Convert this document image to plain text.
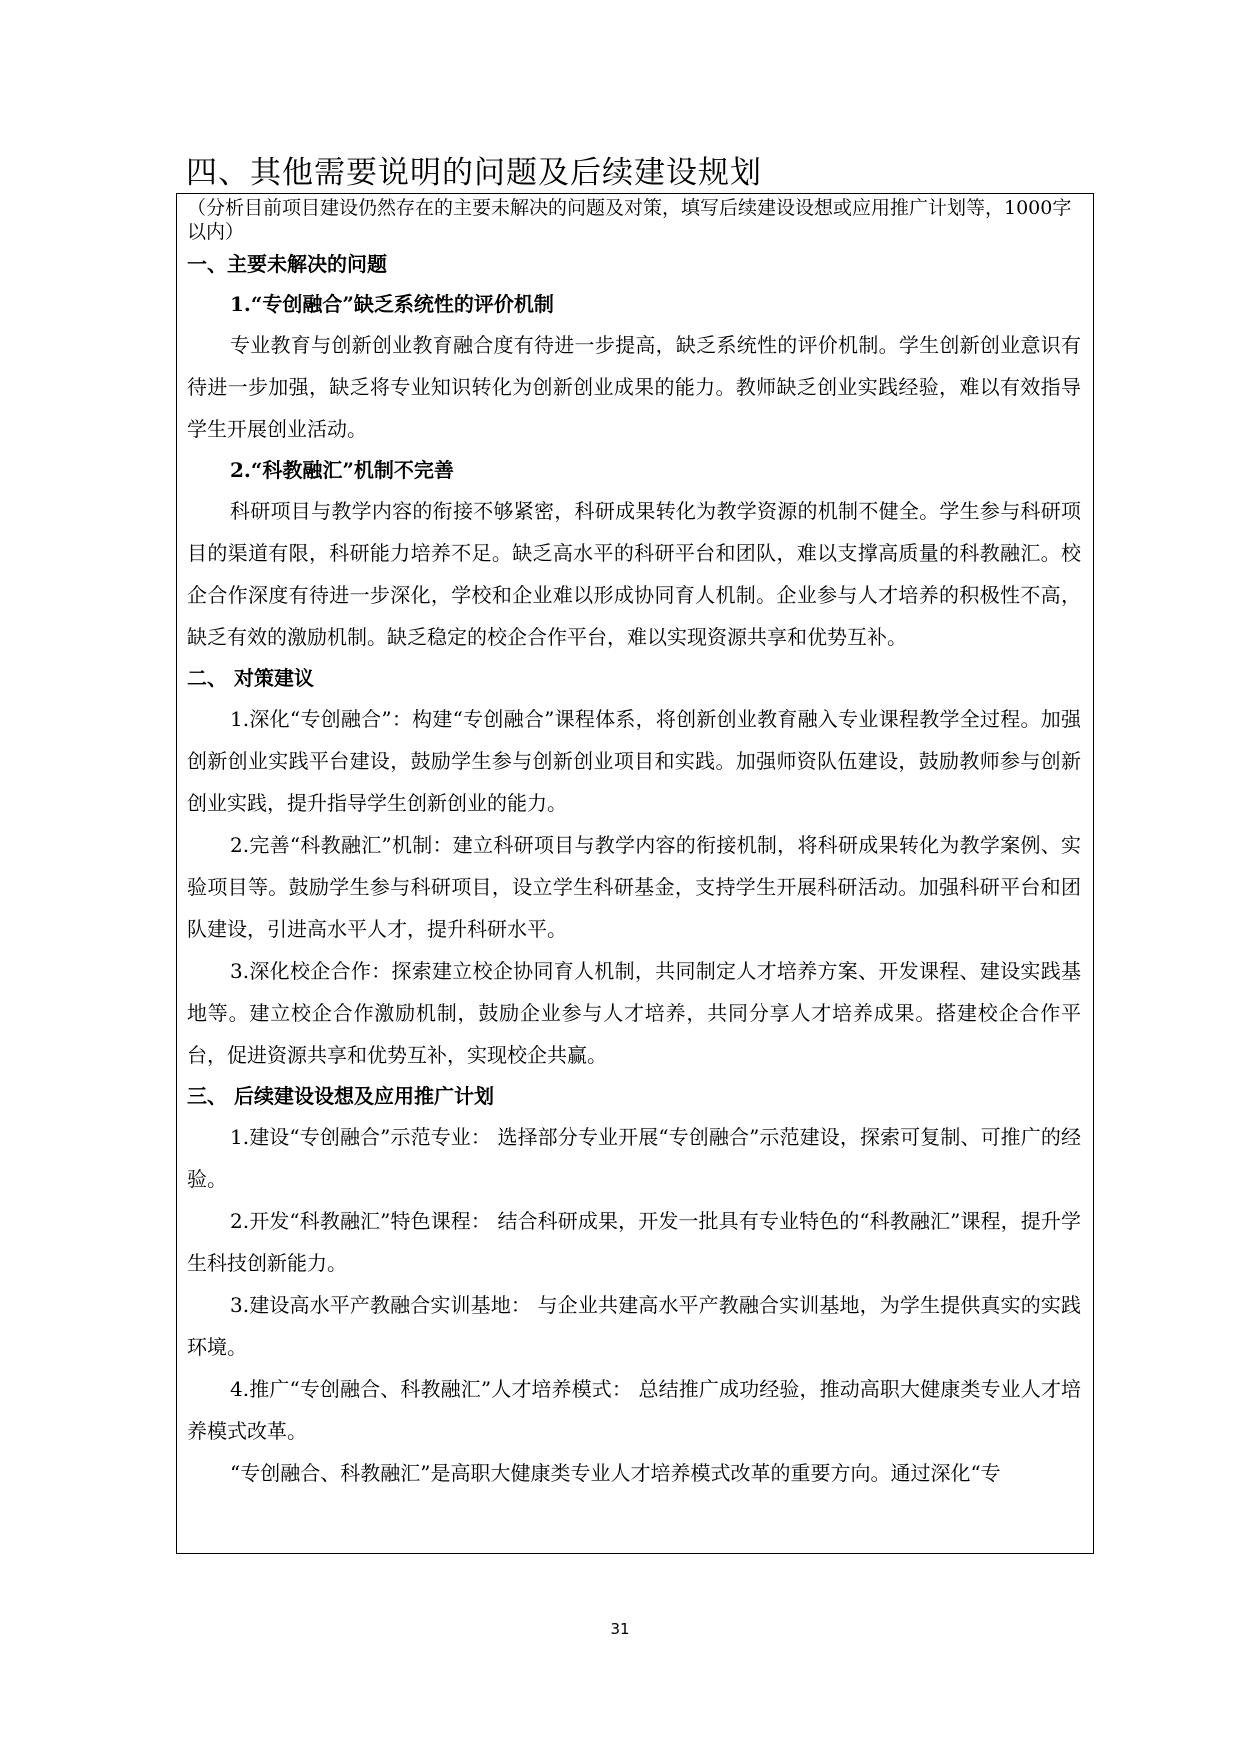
四、其他需要说明的问题及后续建设规划
（分析目前项目建设仍然存在的主要未解决的问题及对策，填写后续建设设想或应用推广计划等，1000字以内）
一、主要未解决的问题
1.“专创融合”缺乏系统性的评价机制
专业教育与创新创业教育融合度有待进一步提高，缺乏系统性的评价机制。学生创新创业意识有待进一步加强，缺乏将专业知识转化为创新创业成果的能力。教师缺乏创业实践经验，难以有效指导学生开展创业活动。
2.“科教融汇”机制不完善
科研项目与教学内容的衔接不够紧密，科研成果转化为教学资源的机制不健全。学生参与科研项目的渠道有限，科研能力培养不足。缺乏高水平的科研平台和团队，难以支撑高质量的科教融汇。校企合作深度有待进一步深化，学校和企业难以形成协同育人机制。企业参与人才培养的积极性不高，缺乏有效的激励机制。缺乏稳定的校企合作平台，难以实现资源共享和优势互补。
二、 对策建议
1.深化“专创融合”：构建“专创融合”课程体系，将创新创业教育融入专业课程教学全过程。加强创新创业实践平台建设，鼓励学生参与创新创业项目和实践。加强师资队伍建设，鼓励教师参与创新创业实践，提升指导学生创新创业的能力。
2.完善“科教融汇”机制：建立科研项目与教学内容的衔接机制，将科研成果转化为教学案例、实验项目等。鼓励学生参与科研项目，设立学生科研基金，支持学生开展科研活动。加强科研平台和团队建设，引进高水平人才，提升科研水平。
3.深化校企合作：探索建立校企协同育人机制，共同制定人才培养方案、开发课程、建设实践基地等。建立校企合作激励机制，鼓励企业参与人才培养，共同分享人才培养成果。搭建校企合作平台，促进资源共享和优势互补，实现校企共赢。
三、 后续建设设想及应用推广计划
1.建设“专创融合”示范专业： 选择部分专业开展“专创融合”示范建设，探索可复制、可推广的经验。
2.开发“科教融汇”特色课程： 结合科研成果，开发一批具有专业特色的“科教融汇”课程，提升学生科技创新能力。
3.建设高水平产教融合实训基地： 与企业共建高水平产教融合实训基地，为学生提供真实的实践环境。
4.推广“专创融合、科教融汇”人才培养模式： 总结推广成功经验，推动高职大健康类专业人才培养模式改革。
“专创融合、科教融汇”是高职大健康类专业人才培养模式改革的重要方向。通过深化“专
31
